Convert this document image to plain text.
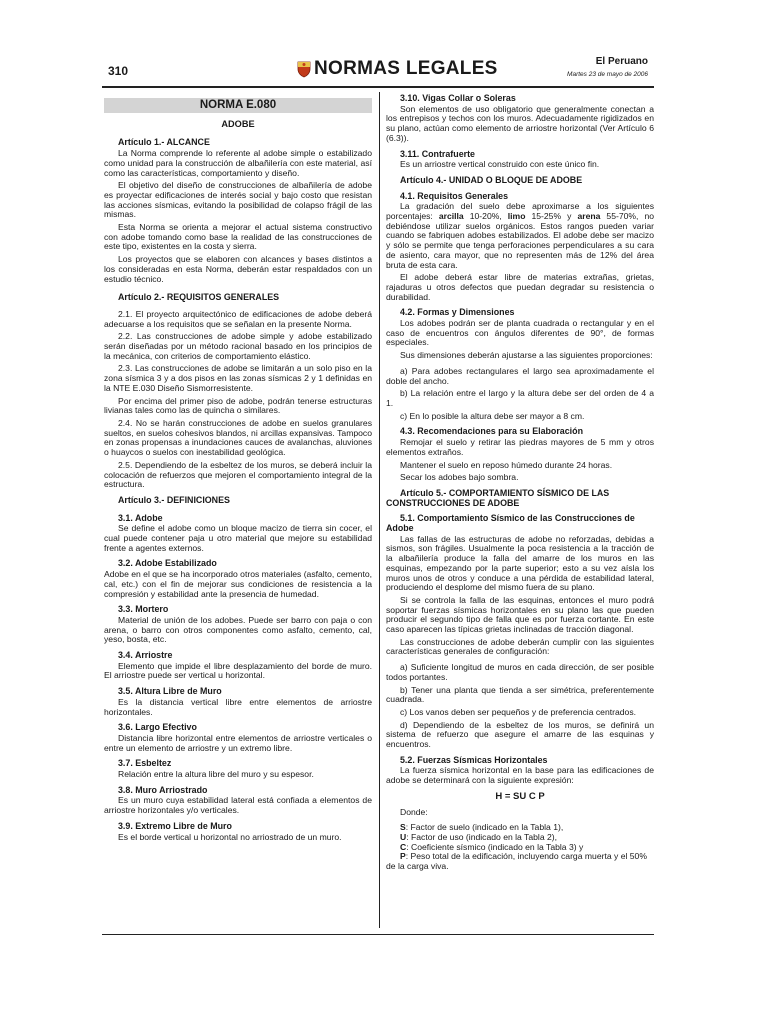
310	NORMAS LEGALES	El Peruano
Martes 23 de mayo de 2006
NORMA E.080
ADOBE
Artículo 1.- ALCANCE

La Norma comprende lo referente al adobe simple o estabilizado como unidad para la construcción de albañilería con este material, así como las características, comportamiento y diseño.

El objetivo del diseño de construcciones de albañilería de adobe es proyectar edificaciones de interés social y bajo costo que resistan las acciones sísmicas, evitando la posibilidad de colapso frágil de las mismas.

Esta Norma se orienta a mejorar el actual sistema constructivo con adobe tomando como base la realidad de las construcciones de este tipo, existentes en la costa y sierra.

Los proyectos que se elaboren con alcances y bases distintos a los consideradas en esta Norma, deberán estar respaldados con un estudio técnico.

Artículo 2.- REQUISITOS GENERALES

2.1. El proyecto arquitectónico de edificaciones de adobe deberá adecuarse a los requisitos que se señalan en la presente Norma.

2.2. Las construcciones de adobe simple y adobe estabilizado serán diseñadas por un método racional basado en los principios de la mecánica, con criterios de comportamiento elástico.

2.3. Las construcciones de adobe se limitarán a un solo piso en la zona sísmica 3 y a dos pisos en las zonas sísmicas 2 y 1 definidas en la NTE E.030 Diseño Sismorresistente.

Por encima del primer piso de adobe, podrán tenerse estructuras livianas tales como las de quincha o similares.

2.4. No se harán construcciones de adobe en suelos granulares sueltos, en suelos cohesivos blandos, ni arcillas expansivas. Tampoco en zonas propensas a inundaciones cauces de avalanchas, aluviones o huaycos o suelos con inestabilidad geológica.

2.5. Dependiendo de la esbeltez de los muros, se deberá incluir la colocación de refuerzos que mejoren el comportamiento integral de la estructura.

Artículo 3.- DEFINICIONES
3.1. Adobe

Se define el adobe como un bloque macizo de tierra sin cocer, el cual puede contener paja u otro material que mejore su estabilidad frente a agentes externos.

3.2. Adobe Estabilizado

Adobe en el que se ha incorporado otros materiales (asfalto, cemento, cal, etc.) con el fin de mejorar sus condiciones de resistencia a la compresión y estabilidad ante la presencia de humedad.

3.3. Mortero

Material de unión de los adobes. Puede ser barro con paja o con arena, o barro con otros componentes como asfalto, cemento, cal, yeso, bosta, etc.

3.4. Arriostre

Elemento que impide el libre desplazamiento del borde de muro. El arriostre puede ser vertical u horizontal.

3.5. Altura Libre de Muro

Es la distancia vertical libre entre elementos de arriostre horizontales.

3.6. Largo Efectivo

Distancia libre horizontal entre elementos de arriostre verticales o entre un elemento de arriostre y un extremo libre.

3.7. Esbeltez

Relación entre la altura libre del muro y su espesor.

3.8. Muro Arriostrado

Es un muro cuya estabilidad lateral está confiada a elementos de arriostre horizontales y/o verticales.

3.9. Extremo Libre de Muro

Es el borde vertical u horizontal no arriostrado de un muro.

3.10. Vigas Collar o Soleras

Son elementos de uso obligatorio que generalmente conectan a los entrepisos y techos con los muros. Adecuadamente rigidizados en su plano, actúan como elemento de arriostre horizontal (Ver Artículo 6 (6.3)).

3.11. Contrafuerte

Es un arriostre vertical construido con este único fin.

Artículo 4.- UNIDAD O BLOQUE DE ADOBE
4.1. Requisitos Generales

La gradación del suelo debe aproximarse a los siguientes porcentajes: arcilla 10-20%, limo 15-25% y arena 55-70%, no debiéndose utilizar suelos orgánicos. Estos rangos pueden variar cuando se fabriquen adobes estabilizados. El adobe debe ser macizo y sólo se permite que tenga perforaciones perpendiculares a su cara de asiento, cara mayor, que no representen más de 12% del área bruta de esta cara.

El adobe deberá estar libre de materias extrañas, grietas, rajaduras u otros defectos que puedan degradar su resistencia o durabilidad.

4.2. Formas y Dimensiones

Los adobes podrán ser de planta cuadrada o rectangular y en el caso de encuentros con ángulos diferentes de 90°, de formas especiales.

Sus dimensiones deberán ajustarse a las siguientes proporciones:

a) Para adobes rectangulares el largo sea aproximadamente el doble del ancho.

b) La relación entre el largo y la altura debe ser del orden de 4 a 1.

c) En lo posible la altura debe ser mayor a 8 cm.

4.3. Recomendaciones para su Elaboración

Remojar el suelo y retirar las piedras mayores de 5 mm y otros elementos extraños.

Mantener el suelo en reposo húmedo durante 24 horas.

Secar los adobes bajo sombra.

Artículo 5.- COMPORTAMIENTO SÍSMICO DE LAS CONSTRUCCIONES DE ADOBE
5.1. Comportamiento Sísmico de las Construcciones de Adobe

Las fallas de las estructuras de adobe no reforzadas, debidas a sismos, son frágiles. Usualmente la poca resistencia a la tracción de la albañilería produce la falla del amarre de los muros en las esquinas, empezando por la parte superior; esto a su vez aísla los muros unos de otros y conduce a una pérdida de estabilidad lateral, produciendo el desplome del mismo fuera de su plano.

Si se controla la falla de las esquinas, entonces el muro podrá soportar fuerzas sísmicas horizontales en su plano las que pueden producir el segundo tipo de falla que es por fuerza cortante. En este caso aparecen las típicas grietas inclinadas de tracción diagonal.

Las construcciones de adobe deberán cumplir con las siguientes características generales de configuración:

a) Suficiente longitud de muros en cada dirección, de ser posible todos portantes.

b) Tener una planta que tienda a ser simétrica, preferentemente cuadrada.

c) Los vanos deben ser pequeños y de preferencia centrados.

d) Dependiendo de la esbeltez de los muros, se definirá un sistema de refuerzo que asegure el amarre de las esquinas y encuentros.

5.2. Fuerzas Sísmicas Horizontales

La fuerza sísmica horizontal en la base para las edificaciones de adobe se determinará con la siguiente expresión:

H = SU C P

Donde:

S: Factor de suelo (indicado en la Tabla 1),

U: Factor de uso (indicado en la Tabla 2),

C: Coeficiente sísmico (indicado en la Tabla 3) y

P: Peso total de la edificación, incluyendo carga muerta y el 50% de la carga viva.
